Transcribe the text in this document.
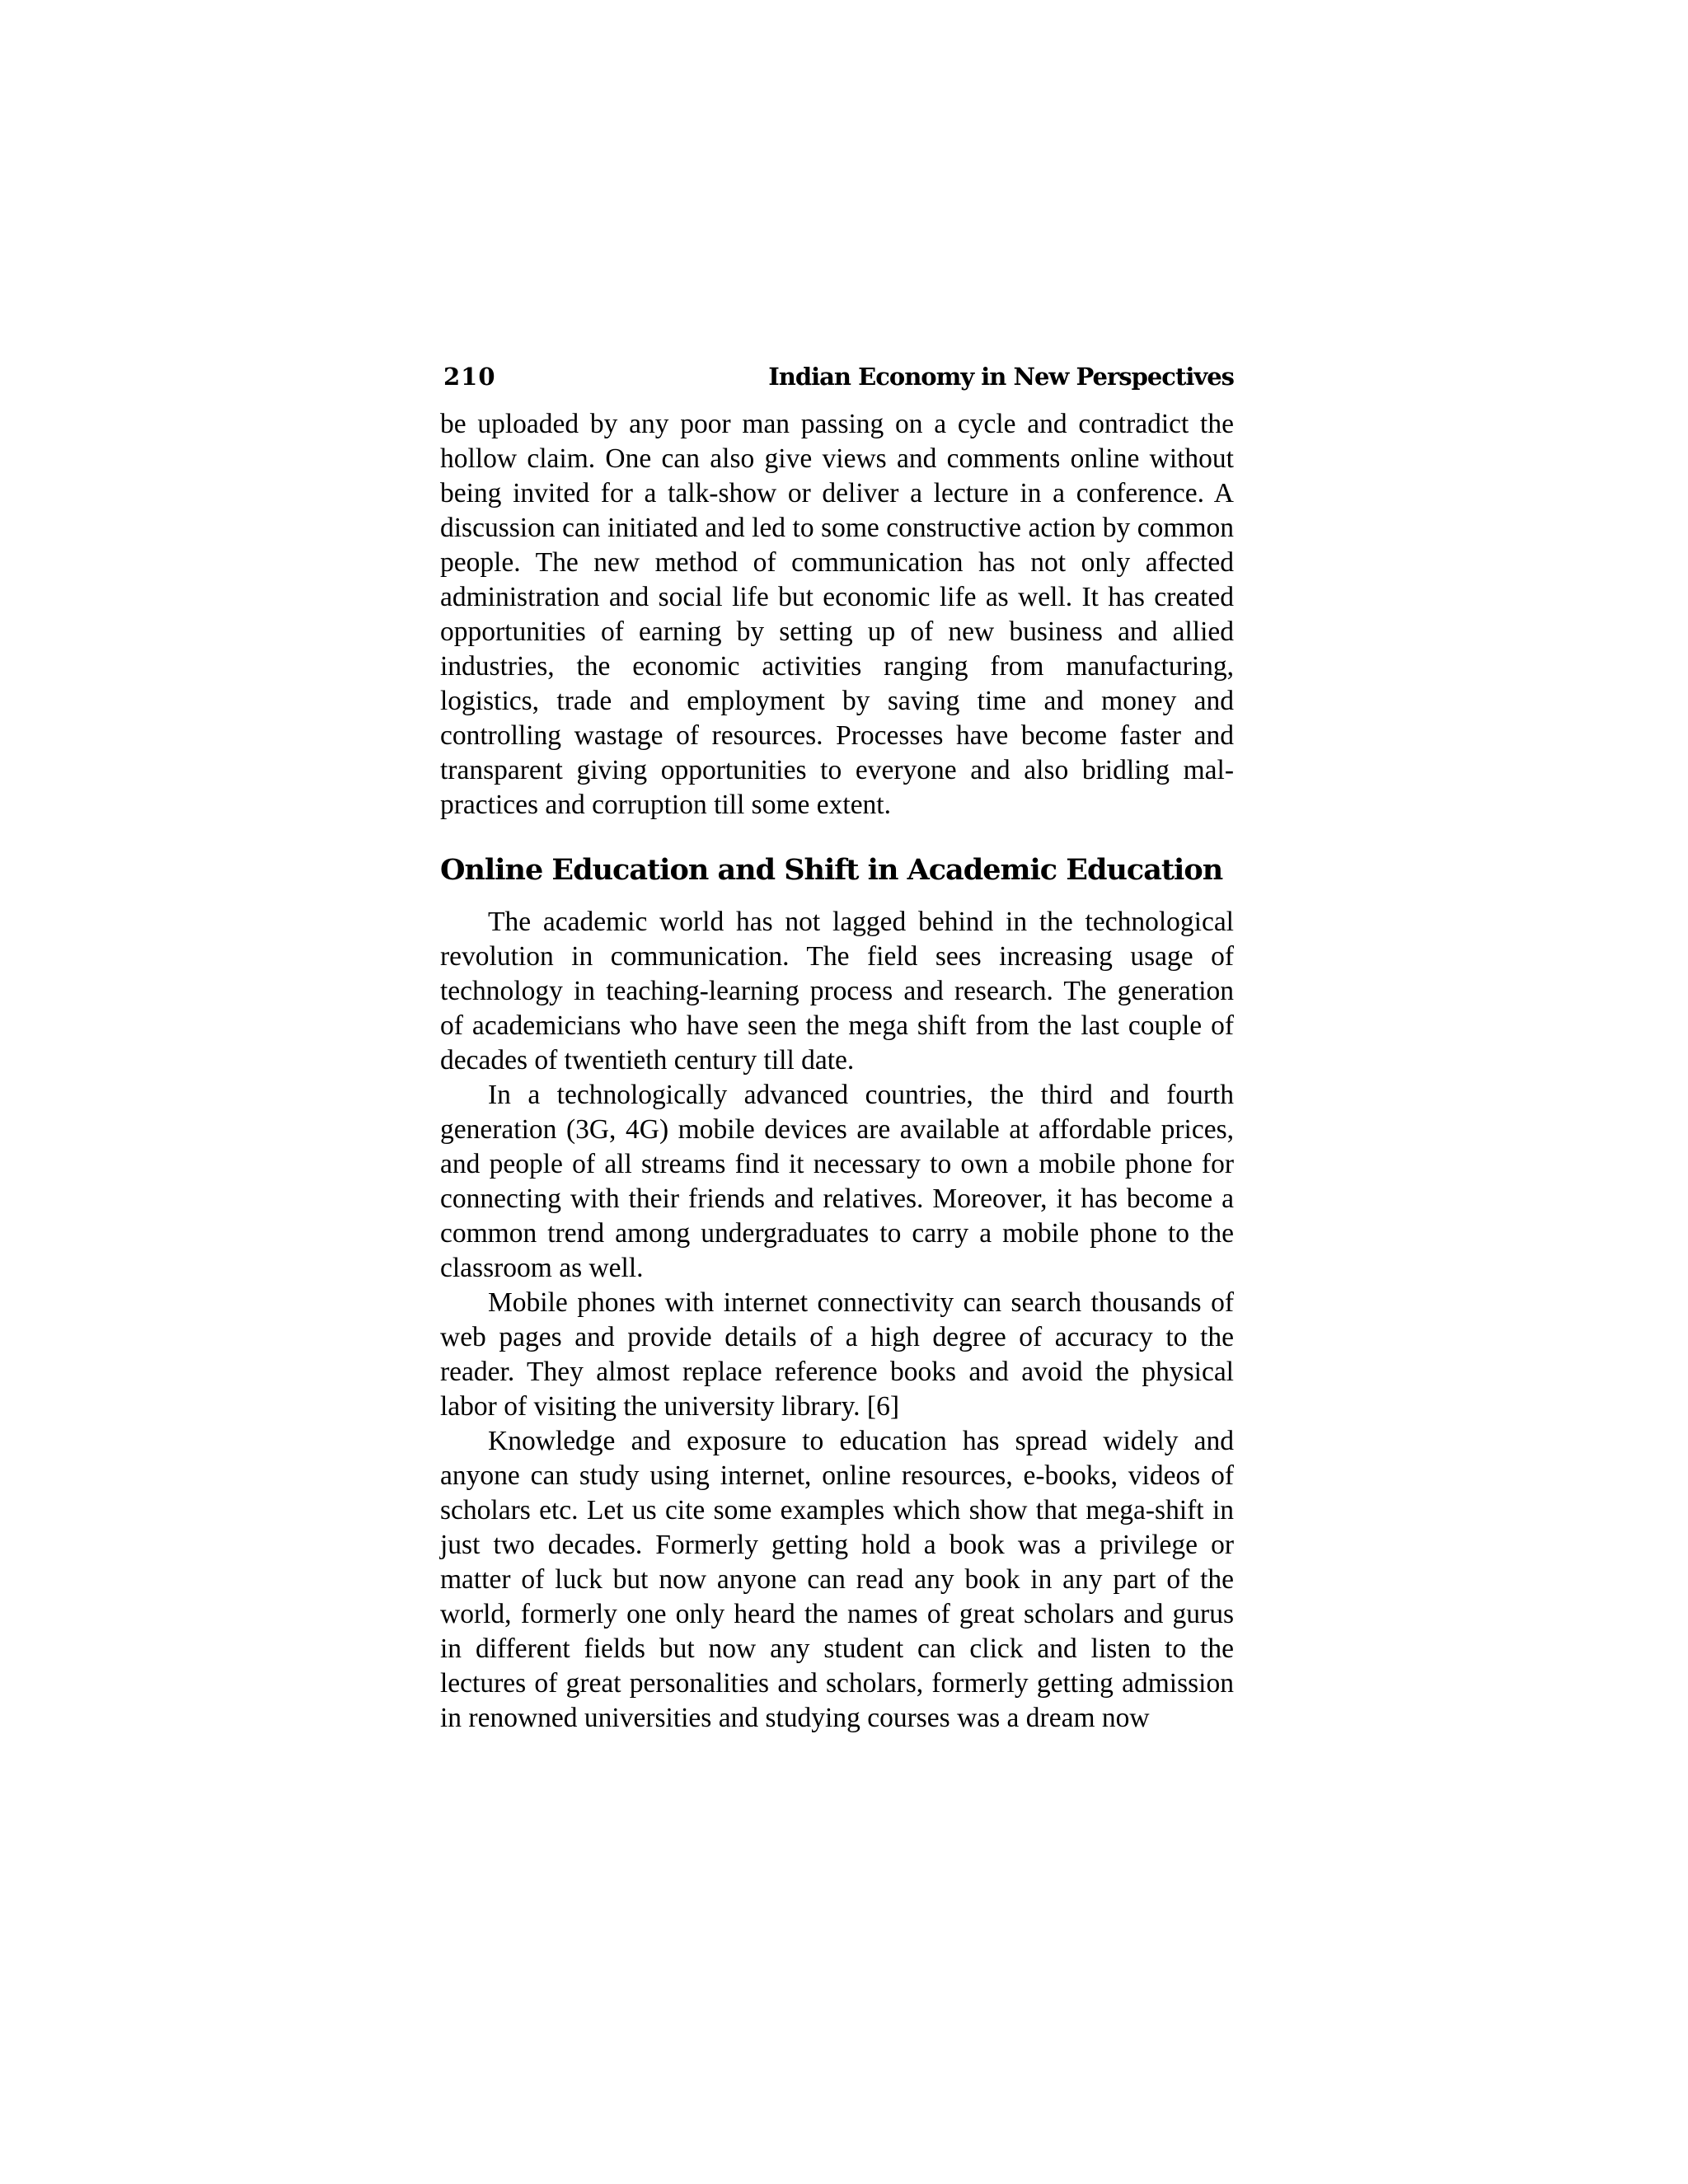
210	Indian Economy in New Perspectives

be uploaded by any poor man passing on a cycle and contradict the hollow claim. One can also give views and comments online without being invited for a talk-show or deliver a lecture in a conference. A discussion can initiated and led to some constructive action by common people. The new method of communication has not only affected administration and social life but economic life as well. It has created opportunities of earning by setting up of new business and allied industries, the economic activities ranging from manufacturing, logistics, trade and employment by saving time and money and controlling wastage of resources. Processes have become faster and transparent giving opportunities to everyone and also bridling mal-practices and corruption till some extent.

Online Education and Shift in Academic Education

The academic world has not lagged behind in the technological revolution in communication. The field sees increasing usage of technology in teaching-learning process and research. The generation of academicians who have seen the mega shift from the last couple of decades of twentieth century till date.

In a technologically advanced countries, the third and fourth generation (3G, 4G) mobile devices are available at affordable prices, and people of all streams find it necessary to own a mobile phone for connecting with their friends and relatives. Moreover, it has become a common trend among undergraduates to carry a mobile phone to the classroom as well.

Mobile phones with internet connectivity can search thousands of web pages and provide details of a high degree of accuracy to the reader. They almost replace reference books and avoid the physical labor of visiting the university library. [6]

Knowledge and exposure to education has spread widely and anyone can study using internet, online resources, e-books, videos of scholars etc. Let us cite some examples which show that mega-shift in just two decades. Formerly getting hold a book was a privilege or matter of luck but now anyone can read any book in any part of the world, formerly one only heard the names of great scholars and gurus in different fields but now any student can click and listen to the lectures of great personalities and scholars, formerly getting admission in renowned universities and studying courses was a dream now
